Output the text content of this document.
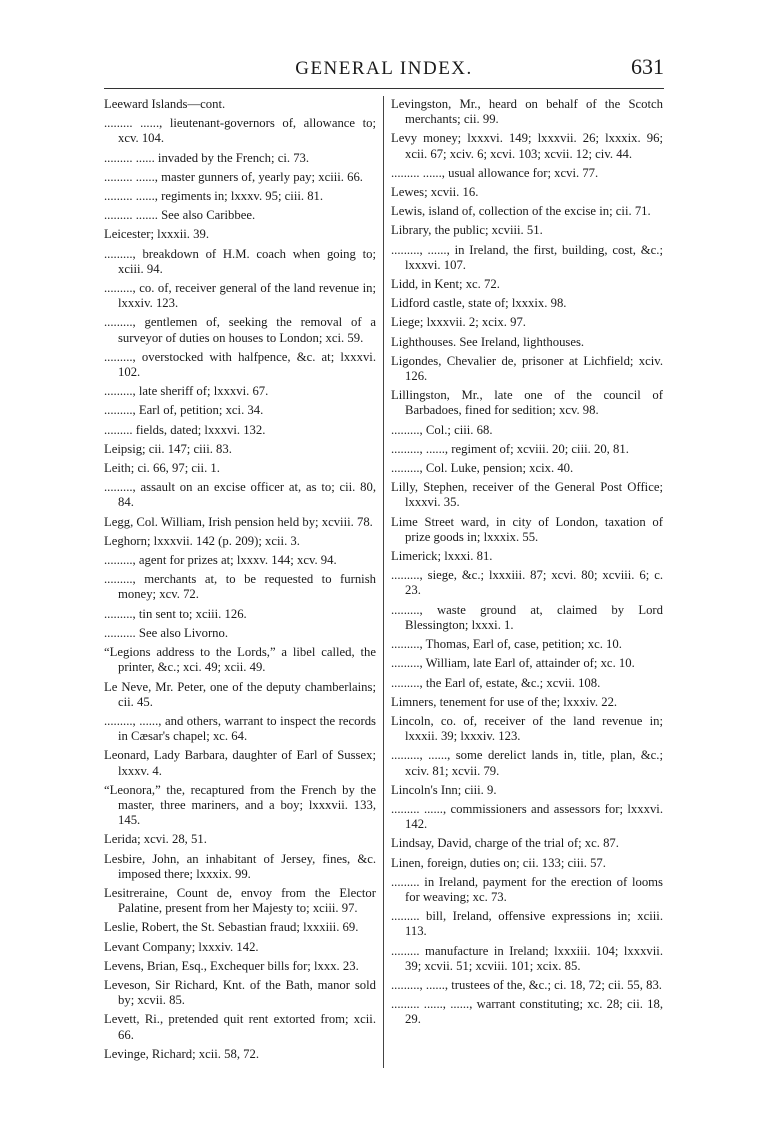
GENERAL INDEX.	631
Leeward Islands—cont.
......... ......, lieutenant-governors of, allowance to; xcv. 104.
......... ...... invaded by the French; ci. 73.
......... ......, master gunners of, yearly pay; xciii. 66.
......... ......, regiments in; lxxxv. 95; ciii. 81.
......... ....... See also Caribbee.
Leicester; lxxxii. 39.
........., breakdown of H.M. coach when going to; xciii. 94.
........., co. of, receiver general of the land revenue in; lxxxiv. 123.
........., gentlemen of, seeking the removal of a surveyor of duties on houses to London; xci. 59.
........., overstocked with halfpence, &c. at; lxxxvi. 102.
........., late sheriff of; lxxxvi. 67.
........., Earl of, petition; xci. 34.
......... fields, dated; lxxxvi. 132.
Leipsig; cii. 147; ciii. 83.
Leith; ci. 66, 97; cii. 1.
........., assault on an excise officer at, as to; cii. 80, 84.
Legg, Col. William, Irish pension held by; xcviii. 78.
Leghorn; lxxxvii. 142 (p. 209); xcii. 3.
........., agent for prizes at; lxxxv. 144; xcv. 94.
........., merchants at, to be requested to furnish money; xcv. 72.
........., tin sent to; xciii. 126.
.......... See also Livorno.
“Legions address to the Lords,” a libel called, the printer, &c.; xci. 49; xcii. 49.
Le Neve, Mr. Peter, one of the deputy chamberlains; cii. 45.
........., ......, and others, warrant to inspect the records in Cæsar's chapel; xc. 64.
Leonard, Lady Barbara, daughter of Earl of Sussex; lxxxv. 4.
“Leonora,” the, recaptured from the French by the master, three mariners, and a boy; lxxxvii. 133, 145.
Lerida; xcvi. 28, 51.
Lesbire, John, an inhabitant of Jersey, fines, &c. imposed there; lxxxix. 99.
Lesitreraine, Count de, envoy from the Elector Palatine, present from her Majesty to; xciii. 97.
Leslie, Robert, the St. Sebastian fraud; lxxxiii. 69.
Levant Company; lxxxiv. 142.
Levens, Brian, Esq., Exchequer bills for; lxxx. 23.
Leveson, Sir Richard, Knt. of the Bath, manor sold by; xcvii. 85.
Levett, Ri., pretended quit rent extorted from; xcii. 66.
Levinge, Richard; xcii. 58, 72.
Levingston, Mr., heard on behalf of the Scotch merchants; cii. 99.
Levy money; lxxxvi. 149; lxxxvii. 26; lxxxix. 96; xcii. 67; xciv. 6; xcvi. 103; xcvii. 12; civ. 44.
......... ......, usual allowance for; xcvi. 77.
Lewes; xcvii. 16.
Lewis, island of, collection of the excise in; cii. 71.
Library, the public; xcviii. 51.
........., ......, in Ireland, the first, building, cost, &c.; lxxxvi. 107.
Lidd, in Kent; xc. 72.
Lidford castle, state of; lxxxix. 98.
Liege; lxxxvii. 2; xcix. 97.
Lighthouses. See Ireland, lighthouses.
Ligondes, Chevalier de, prisoner at Lichfield; xciv. 126.
Lillingston, Mr., late one of the council of Barbadoes, fined for sedition; xcv. 98.
........., Col.; ciii. 68.
........., ......, regiment of; xcviii. 20; ciii. 20, 81.
........., Col. Luke, pension; xcix. 40.
Lilly, Stephen, receiver of the General Post Office; lxxxvi. 35.
Lime Street ward, in city of London, taxation of prize goods in; lxxxix. 55.
Limerick; lxxxi. 81.
........., siege, &c.; lxxxiii. 87; xcvi. 80; xcviii. 6; c. 23.
........., waste ground at, claimed by Lord Blessington; lxxxi. 1.
........., Thomas, Earl of, case, petition; xc. 10.
........., William, late Earl of, attainder of; xc. 10.
........., the Earl of, estate, &c.; xcvii. 108.
Limners, tenement for use of the; lxxxiv. 22.
Lincoln, co. of, receiver of the land revenue in; lxxxii. 39; lxxxiv. 123.
........., ......, some derelict lands in, title, plan, &c.; xciv. 81; xcvii. 79.
Lincoln's Inn; ciii. 9.
......... ......, commissioners and assessors for; lxxxvi. 142.
Lindsay, David, charge of the trial of; xc. 87.
Linen, foreign, duties on; cii. 133; ciii. 57.
......... in Ireland, payment for the erection of looms for weaving; xc. 73.
......... bill, Ireland, offensive expressions in; xciii. 113.
......... manufacture in Ireland; lxxxiii. 104; lxxxvii. 39; xcvii. 51; xcviii. 101; xcix. 85.
........., ......, trustees of the, &c.; ci. 18, 72; cii. 55, 83.
......... ......, ......, warrant constituting; xc. 28; cii. 18, 29.
